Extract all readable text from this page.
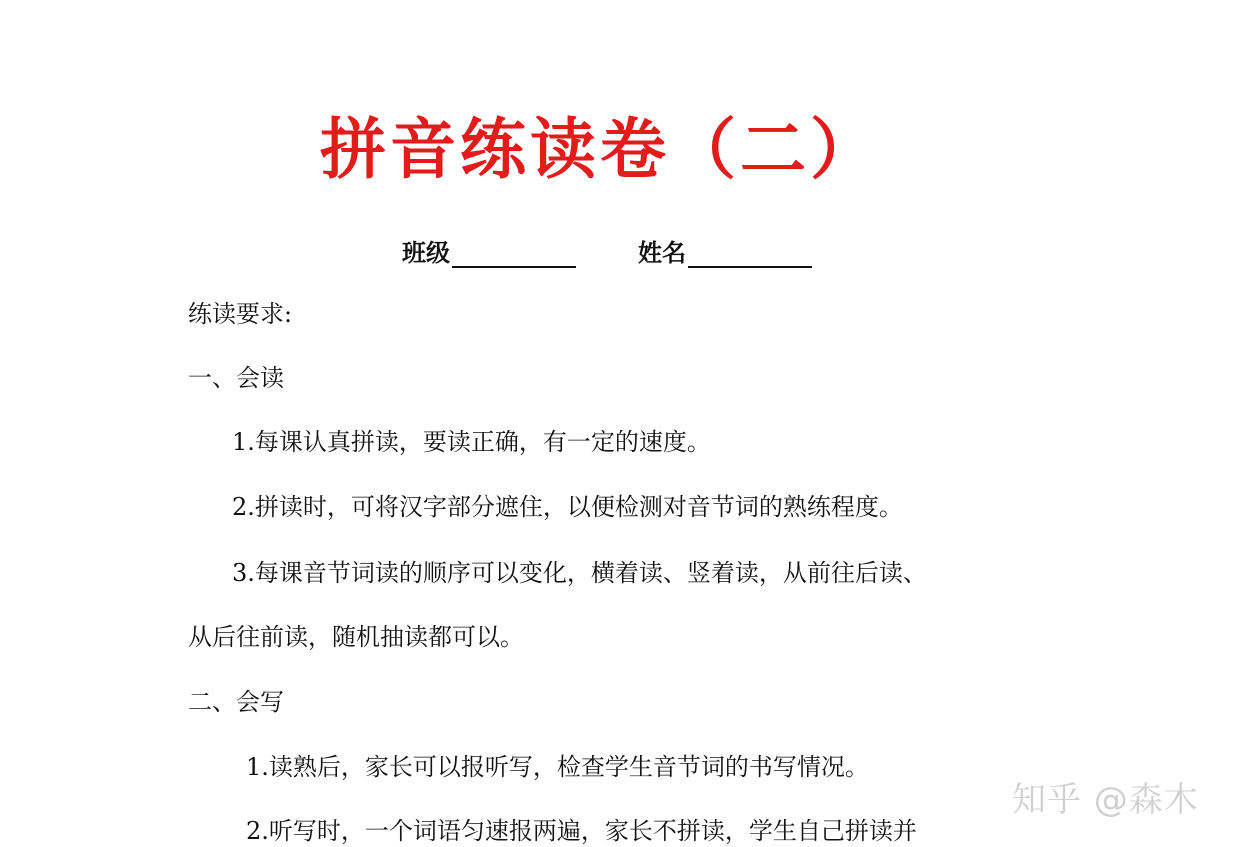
拼音练读卷（二）
班级	姓名
练读要求:
一、会读
1.每课认真拼读，要读正确，有一定的速度。
2.拼读时，可将汉字部分遮住，以便检测对音节词的熟练程度。
3.每课音节词读的顺序可以变化，横着读、竖着读，从前往后读、
从后往前读，随机抽读都可以。
二、会写
1.读熟后，家长可以报听写，检查学生音节词的书写情况。
2.听写时，一个词语匀速报两遍，家长不拼读，学生自己拼读并
知乎 @森木
